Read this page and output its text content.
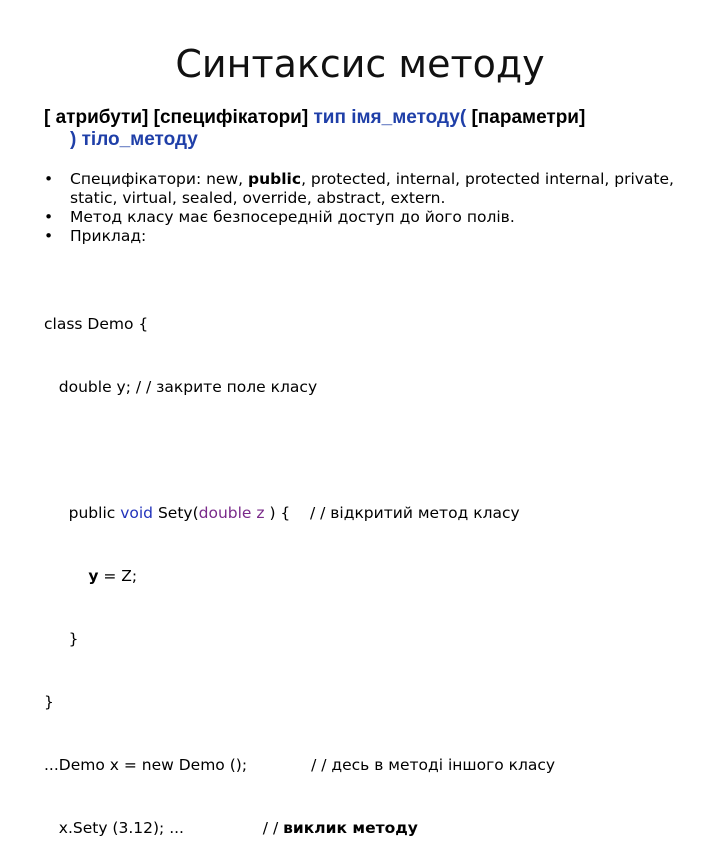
Синтаксис методу
[ атрибути] [специфікатори] тип імя_методу( [параметри]
) тіло_методу
• Специфікатори: new, public, protected, internal, protected internal, private, static, virtual, sealed, override, abstract, extern.
• Метод класу має безпосередній доступ до його полів.
• Приклад:

class Demo {

double y; / / закрите поле класу

public void Sety(double z ) {    / / відкритий метод класу

y = Z;

}

}

...Demo x = new Demo ();             / / десь в методі іншого класу

x.Sety (3.12); ...                / / виклик методу
